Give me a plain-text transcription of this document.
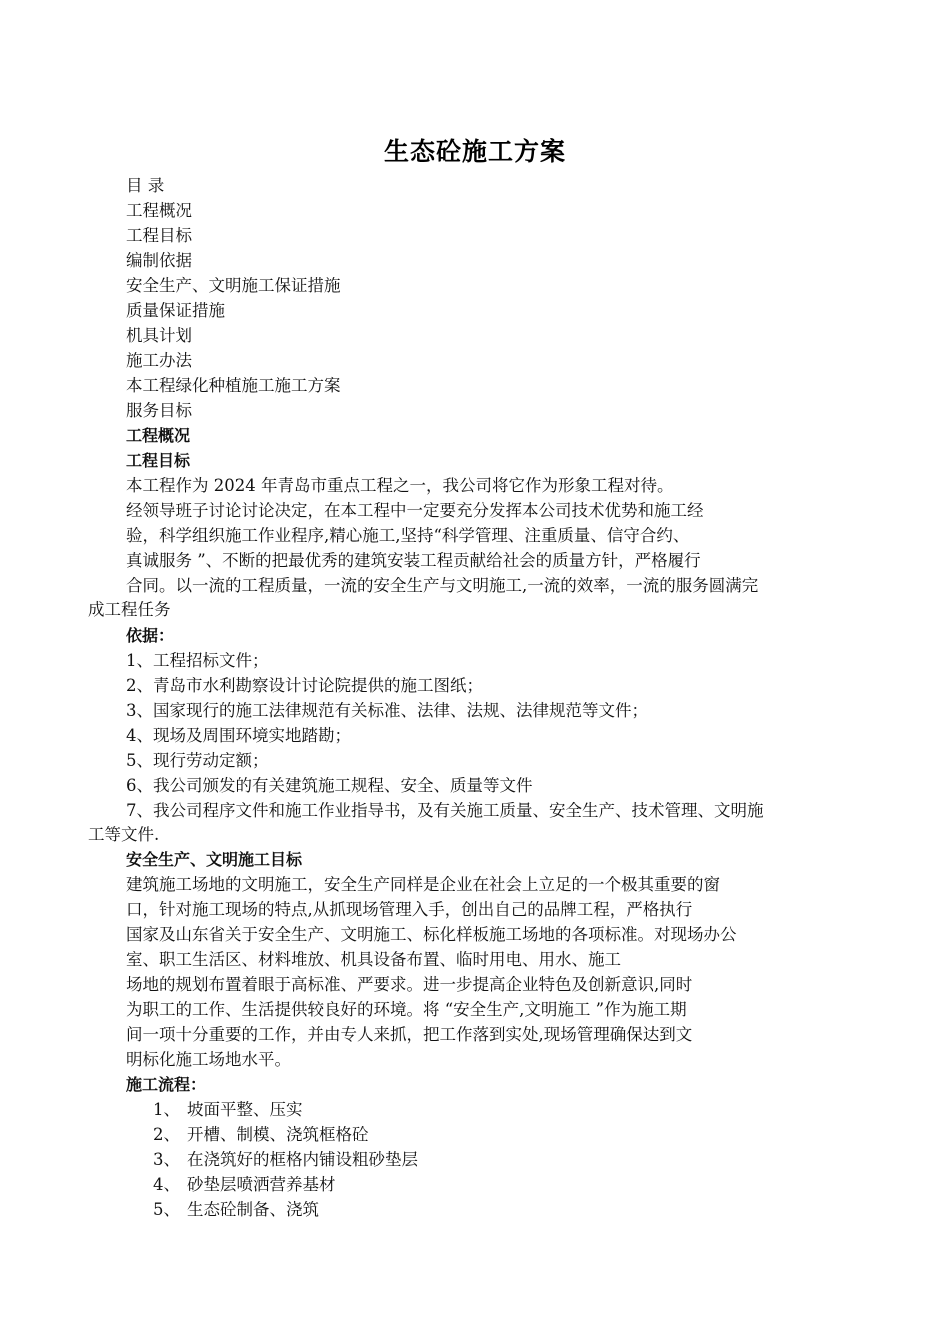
生态砼施工方案
目 录
工程概况
工程目标
编制依据
安全生产、文明施工保证措施
质量保证措施
机具计划
施工办法
本工程绿化种植施工施工方案
服务目标
工程概况
工程目标
本工程作为 2024 年青岛市重点工程之一，我公司将它作为形象工程对待。
经领导班子讨论讨论决定，在本工程中一定要充分发挥本公司技术优势和施工经
验，科学组织施工作业程序,精心施工,坚持“科学管理、注重质量、信守合约、
真诚服务 ”、不断的把最优秀的建筑安装工程贡献给社会的质量方针，严格履行
合同。以一流的工程质量，一流的安全生产与文明施工,一流的效率，一流的服务圆满完
成工程任务
依据：
1、工程招标文件；
2、青岛市水利勘察设计讨论院提供的施工图纸；
3、国家现行的施工法律规范有关标准、法律、法规、法律规范等文件；
4、现场及周围环境实地踏勘；
5、现行劳动定额；
6、我公司颁发的有关建筑施工规程、安全、质量等文件
7、我公司程序文件和施工作业指导书，及有关施工质量、安全生产、技术管理、文明施
工等文件.
安全生产、文明施工目标
建筑施工场地的文明施工，安全生产同样是企业在社会上立足的一个极其重要的窗
口，针对施工现场的特点,从抓现场管理入手，创出自己的品牌工程，严格执行
国家及山东省关于安全生产、文明施工、标化样板施工场地的各项标准。对现场办公
室、职工生活区、材料堆放、机具设备布置、临时用电、用水、施工
场地的规划布置着眼于高标准、严要求。进一步提高企业特色及创新意识,同时
为职工的工作、生活提供较良好的环境。将 “安全生产,文明施工 ”作为施工期
间一项十分重要的工作，并由专人来抓，把工作落到实处,现场管理确保达到文
明标化施工场地水平。
施工流程：
1、 坡面平整、压实
2、 开槽、制模、浇筑框格砼
3、 在浇筑好的框格内铺设粗砂垫层
4、 砂垫层喷洒营养基材
5、 生态砼制备、浇筑
